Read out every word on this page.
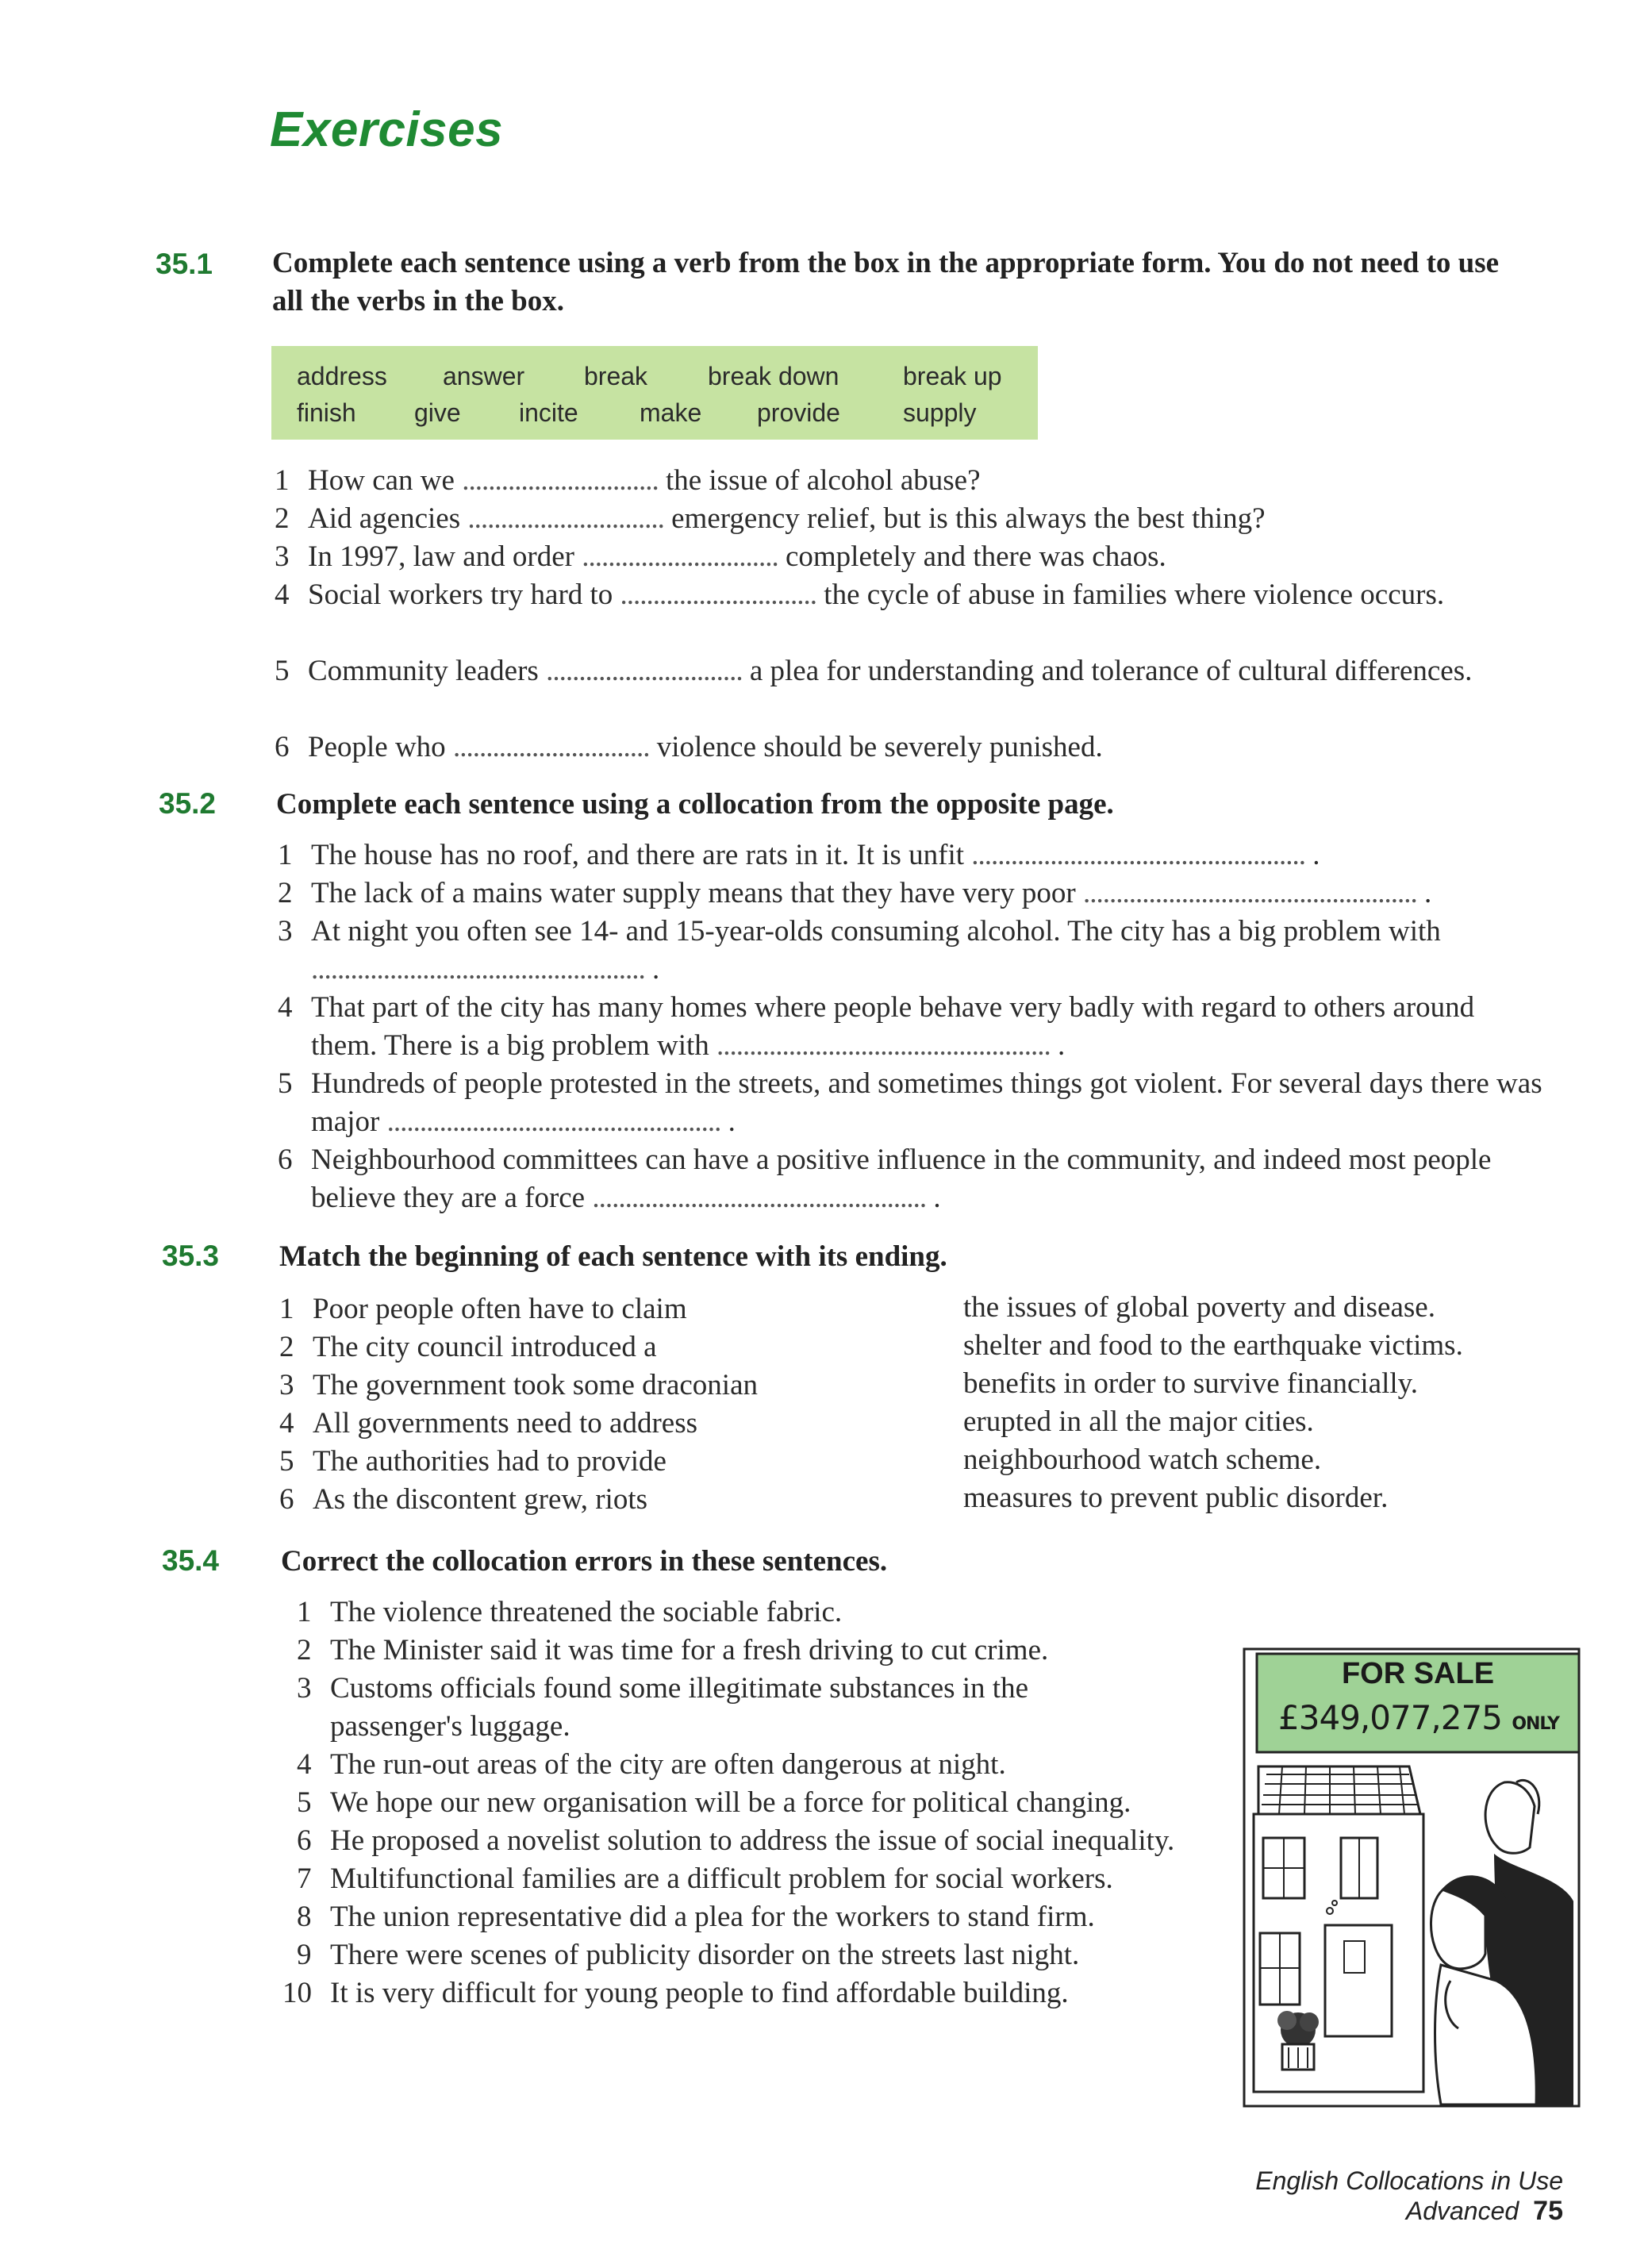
Exercises
35.1 Complete each sentence using a verb from the box in the appropriate form. You do not need to use all the verbs in the box.
address answer break break down	break up
finish give incite make provide supply
1 How can we .............................. the issue of alcohol abuse?
2 Aid agencies .............................. emergency relief, but is this always the best thing?
3 In 1997, law and order .............................. completely and there was chaos.
4 Social workers try hard to .............................. the cycle of abuse in families where violence occurs.
5 Community leaders .............................. a plea for understanding and tolerance of cultural differences.
6 People who .............................. violence should be severely punished.
35.2 Complete each sentence using a collocation from the opposite page.
1 The house has no roof, and there are rats in it. It is unfit ................................................... .
2 The lack of a mains water supply means that they have very poor ................................................... .
3 At night you often see 14- and 15-year-olds consuming alcohol. The city has a big problem with ................................................... .
4 That part of the city has many homes where people behave very badly with regard to others around them. There is a big problem with ................................................... .
5 Hundreds of people protested in the streets, and sometimes things got violent. For several days there was major ................................................... .
6 Neighbourhood committees can have a positive influence in the community, and indeed most people believe they are a force ................................................... .
35.3 Match the beginning of each sentence with its ending.
1 Poor people often have to claim
2 The city council introduced a
3 The government took some draconian
4 All governments need to address
5 The authorities had to provide
6 As the discontent grew, riots
the issues of global poverty and disease.
shelter and food to the earthquake victims.
benefits in order to survive financially.
erupted in all the major cities.
neighbourhood watch scheme.
measures to prevent public disorder.
35.4 Correct the collocation errors in these sentences.
1 The violence threatened the sociable fabric.
2 The Minister said it was time for a fresh driving to cut crime.
3 Customs officials found some illegitimate substances in the passenger's luggage.
4 The run-out areas of the city are often dangerous at night.
5 We hope our new organisation will be a force for political changing.
6 He proposed a novelist solution to address the issue of social inequality.
7 Multifunctional families are a difficult problem for social workers.
8 The union representative did a plea for the workers to stand firm.
9 There were scenes of publicity disorder on the streets last night.
10 It is very difficult for young people to find affordable building.
FOR SALE
£349,077,275 ONLY
English Collocations in Use Advanced 75
